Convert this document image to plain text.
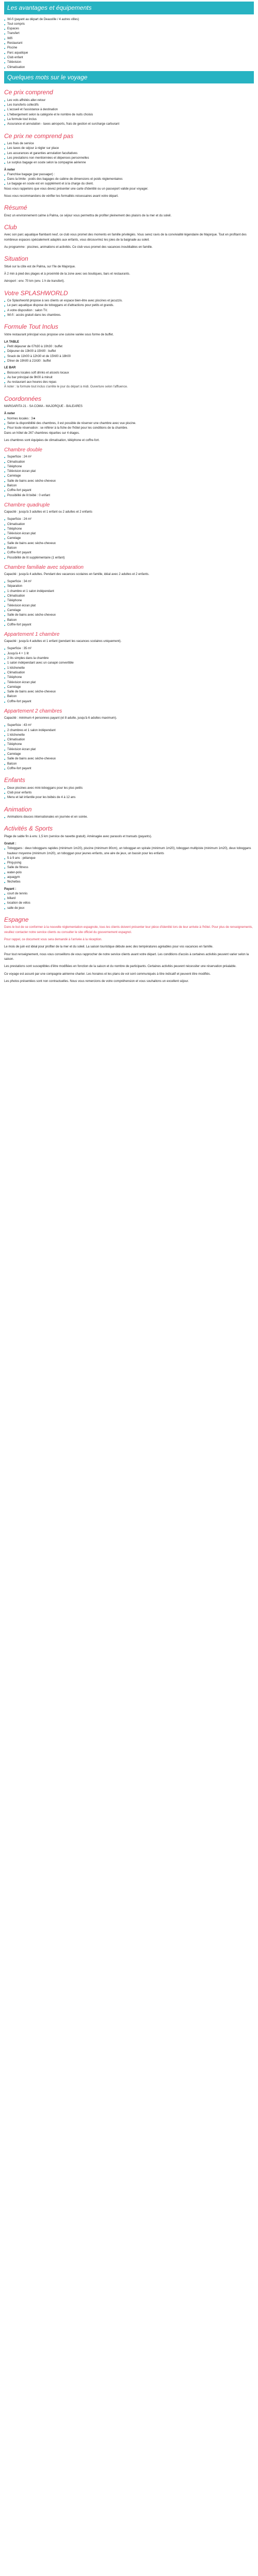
Les avantages et équipements
■ Wi-fi (payant au départ de Deauville / 4 autres villes)
■ Tout compris
■ Espaces
■ Transfert
■ Wifi
■ Restaurant
■ Piscine
■ Parc aquatique
■ Club enfant
■ Télévision
■ Climatisation
Quelques mots sur le voyage
Ce prix comprend
■ Les vols affrétés aller-retour
■ Les transferts collectifs
■ L'accueil et l'assistance à destination
■ L'hébergement selon la catégorie et le nombre de nuits choisis
■ La formule tout inclus
■ Assurance et annulation - taxes aéroports, frais de gestion et surcharge carburant
Ce prix ne comprend pas
■ Les frais de service
■ Les taxes de séjour à régler sur place
■ Les assurances et garanties annulation facultatives
■ Les prestations non mentionnées et dépenses personnelles
■ Le surplus bagage en soute selon la compagnie aérienne
À noter
■ Franchise bagage (par passager) :
■ Dans la limite : poids des bagages de cabine de dimensions et poids réglementaires
■ Le bagage en soute est en supplément et à la charge du client.

Nous vous rappelons que vous devez présenter une carte d'identité ou un passeport valide pour voyager.

Nous vous recommandons de vérifier les formalités nécessaires avant votre départ.

Résumé

Enez un environnement calme à Palma, ce séjour vous permettra de profiter pleinement des plaisirs de la mer et du soleil.

Club

Avec son parc aquatique flambant neuf, ce club vous promet des moments en famille privilégiés. Vous serez ravis de la convivialité légendaire de Majorque. Tout en profitant des nombreux espaces spécialement adaptés aux enfants, vous découvrirez les joies de la baignade au soleil.

Au programme : piscines, animations et activités. Ce club vous promet des vacances inoubliables en famille.

Situation

Situé sur la côte est de Palma, sur l'île de Majorque.

À 2 min à pied des plages et à proximité de la zone avec ses boutiques, bars et restaurants.

Aéroport : env. 70 km (env. 1 h de transfert).

Votre SPLASHWORLD
■ Ce Splashworld propose à ses clients un espace bien-être avec piscines et jacuzzis.
■ Le parc aquatique dispose de toboggans et d'attractions pour petits et grands.
■ A votre disposition : salon TV.
■ Wi-fi : accès gratuit dans les chambres.
Formule Tout Inclus

Votre restaurant principal vous propose une cuisine variée sous forme de buffet.

LA TABLE
■ Petit déjeuner de 07h30 à 10h30 : buffet
■ Déjeuner de 13h00 à 15h00 : buffet
■ Snack de 11h00 à 12h30 et de 15h00 à 18h00
■ Dîner de 19h00 à 21h30 : buffet
LE BAR
■ Boissons locales soft drinks et alcools locaux
■ Au bar principal de 9h00 à minuit
■ Au restaurant aux heures des repas

À noter : la formule tout inclus s'arrête le jour du départ à midi. Ouverture selon l'affluence.

Coordonnées

MARGARITA 21 - SA COMA - MAJORQUE - BALEARES

À noter
■ Normes locales : 3★
■ Selon la disponibilité des chambres, il est possible de réserver une chambre avec vue piscine.
■ Pour toute réservation : se référer à la fiche de l'hôtel pour les conditions de la chambre.

Dans un hôtel de 267 chambres réparties sur 4 étages.

Les chambres sont équipées de climatisation, téléphone et coffre-fort.

Chambre double
■ Superficie : 24 m²
■ Climatisation
■ Téléphone
■ Télévision écran plat
■ Carrelage
■ Salle de bains avec sèche-cheveux
■ Balcon
■ Coffre-fort payant
■ Possibilité de lit bébé : 0 enfant
Chambre quadruple

Capacité : jusqu'à 3 adultes et 1 enfant ou 2 adultes et 2 enfants

■ Superficie : 24 m²
■ Climatisation
■ Téléphone
■ Télévision écran plat
■ Carrelage
■ Salle de bains avec sèche-cheveux
■ Balcon
■ Coffre-fort payant
■ Possibilité de lit supplémentaire (1 enfant)
Chambre familiale avec séparation

Capacité : jusqu'à 4 adultes. Pendant des vacances scolaires en famille, idéal avec 2 adultes et 2 enfants.

■ Superficie : 34 m²
■ Séparation
■ 1 chambre et 1 salon indépendant
■ Climatisation
■ Téléphone
■ Télévision écran plat
■ Carrelage
■ Salle de bains avec sèche-cheveux
■ Balcon
■ Coffre-fort payant
Appartement 1 chambre

Capacité : jusqu'à 4 adultes et 1 enfant (pendant les vacances scolaires uniquement).

■ Superficie : 35 m²
■ Jusqu'à 4 + 1 lit
■ 2 lits simples dans la chambre
■ 1 salon indépendant avec un canapé convertible
■ 1 kitchenette
■ Climatisation
■ Téléphone
■ Télévision écran plat
■ Carrelage
■ Salle de bains avec sèche-cheveux
■ Balcon
■ Coffre-fort payant
Appartement 2 chambres

Capacité : minimum 4 personnes payant (et 8 adulte, jusqu'à 6 adultes maximum).

■ Superficie : 43 m²
■ 2 chambres et 1 salon indépendant
■ 1 kitchenette
■ Climatisation
■ Téléphone
■ Télévision écran plat
■ Carrelage
■ Salle de bains avec sèche-cheveux
■ Balcon
■ Coffre-fort payant
Enfants
■ Deux piscines avec mini-toboggans pour les plus petits
■ Club pour enfants
■ Menu et lait infantile pour les bébés de 4 à 12 ans
Animation
■ Animations douces internationales en journée et en soirée.
Activités & Sports

Plage de sable fin à env. 1,5 km (service de navette gratuit). Aménagée avec parasols et transats (payants).

Gratuit :
■ Toboggans : deux toboggans rapides (minimum 1m20), piscine (minimum 80cm), un toboggan en spirale (minimum 1m20), toboggan multipiste (minimum 1m20), deux toboggans hauteur moyenne (minimum 1m20), un toboggan pour jeunes enfants, une aire de jeux, un bassin pour les enfants
■ 5 à 9 ans : pétanque
■ Ping-pong
■ Salle de fitness
■ water-polo
■ aquagym
■ fléchettes
Payant :
■ court de tennis
■ billard
■ location de vélos
■ salle de jeux
Espagne

Dans le but de se conformer à la nouvelle réglementation espagnole, tous les clients doivent présenter leur pièce d'identité lors de leur arrivée à l'hôtel. Pour plus de renseignements, veuillez contacter notre service clients ou consulter le site officiel du gouvernement espagnol.

Pour rappel, ce document vous sera demandé à l'arrivée à la réception.

Le mois de juin est idéal pour profiter de la mer et du soleil. La saison touristique débute avec des températures agréables pour vos vacances en famille.

Pour tout renseignement, nous vous conseillons de vous rapprocher de notre service clients avant votre départ. Les conditions d'accès à certaines activités peuvent varier selon la saison.

Les prestations sont susceptibles d'être modifiées en fonction de la saison et du nombre de participants. Certaines activités peuvent nécessiter une réservation préalable.

Ce voyage est assuré par une compagnie aérienne charter. Les horaires et les plans de vol sont communiqués à titre indicatif et peuvent être modifiés.

Les photos présentées sont non contractuelles. Nous vous remercions de votre compréhension et vous souhaitons un excellent séjour.
